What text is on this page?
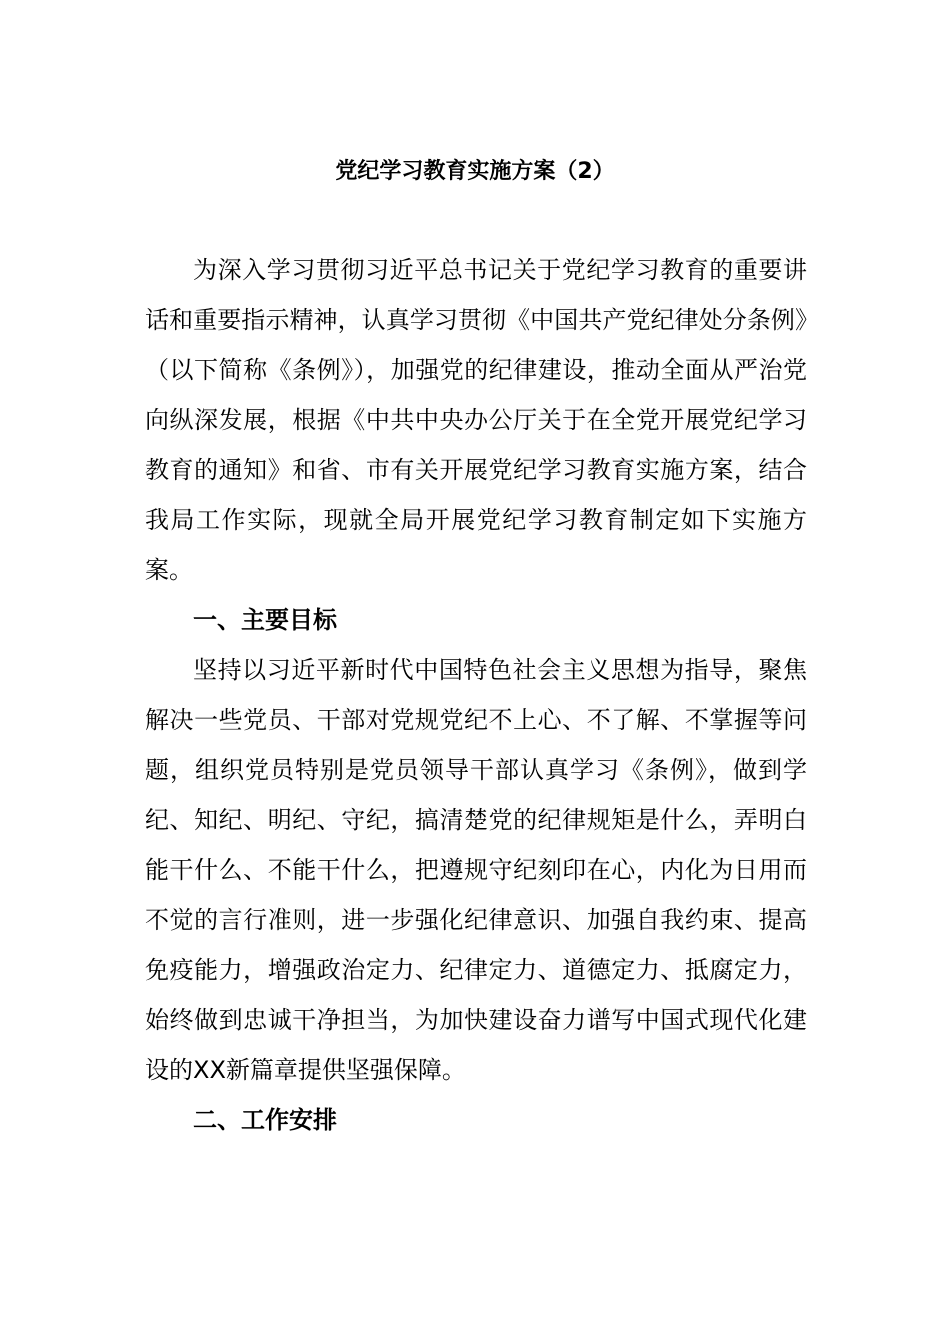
党纪学习教育实施方案（2）

为深入学习贯彻习近平总书记关于党纪学习教育的重要讲话和重要指示精神，认真学习贯彻《中国共产党纪律处分条例》（以下简称《条例》），加强党的纪律建设，推动全面从严治党向纵深发展，根据《中共中央办公厅关于在全党开展党纪学习教育的通知》和省、市有关开展党纪学习教育实施方案，结合我局工作实际，现就全局开展党纪学习教育制定如下实施方案。

一、主要目标

坚持以习近平新时代中国特色社会主义思想为指导，聚焦解决一些党员、干部对党规党纪不上心、不了解、不掌握等问题，组织党员特别是党员领导干部认真学习《条例》，做到学纪、知纪、明纪、守纪，搞清楚党的纪律规矩是什么，弄明白能干什么、不能干什么，把遵规守纪刻印在心，内化为日用而不觉的言行准则，进一步强化纪律意识、加强自我约束、提高免疫能力，增强政治定力、纪律定力、道德定力、抵腐定力，始终做到忠诚干净担当，为加快建设奋力谱写中国式现代化建设的XX新篇章提供坚强保障。

二、工作安排
